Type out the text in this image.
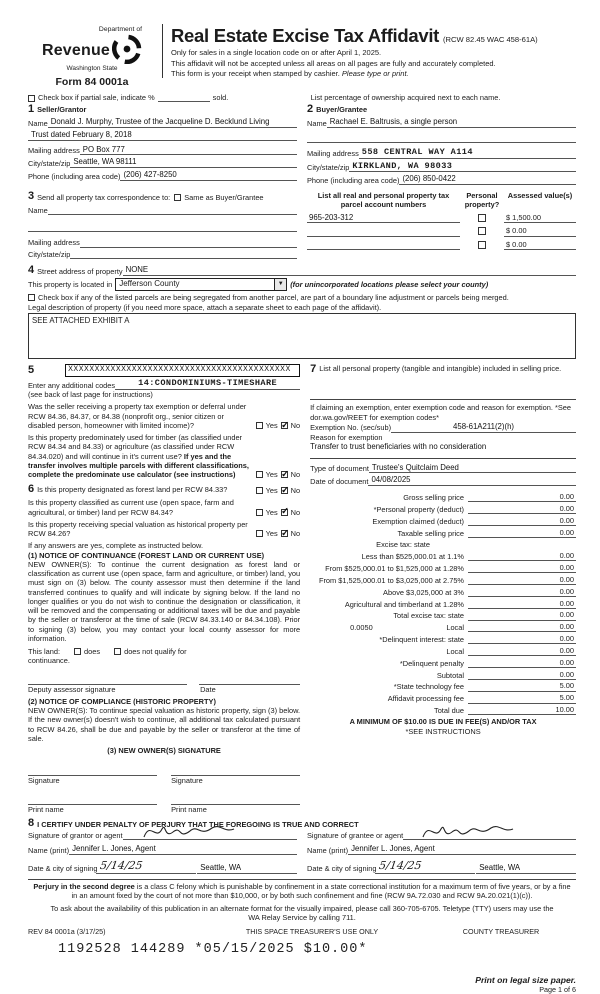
Department of
Revenue
Washington State
Form 84 0001a
Real Estate Excise Tax Affidavit (RCW 82.45 WAC 458-61A)
Only for sales in a single location code on or after April 1, 2025.
This affidavit will not be accepted unless all areas on all pages are fully and accurately completed.
This form is your receipt when stamped by cashier. Please type or print.
Check box if partial sale, indicate %	sold.	List percentage of ownership acquired next to each name.
1 Seller/Grantor
Name Donald J. Murphy, Trustee of the Jacqueline D. Becklund Living
Trust dated February 8, 2018
Mailing address PO Box 777
City/state/zip Seattle, WA 98111
Phone (including area code) (206) 427-8250
2 Buyer/Grantee
Name Rachael E. Baltrusis, a single person
Mailing address 558 CENTRAL WAY A114
City/state/zip KIRKLAND, WA 98033
Phone (including area code) (206) 850-0422
3 Send all property tax correspondence to: Same as Buyer/Grantee
Name
Mailing address
City/state/zip
List all real and personal property tax parcel account numbers
Personal property?
Assessed value(s)
965-203-312	$ 1,500.00
$ 0.00
$ 0.00
4 Street address of property NONE
This property is located in Jefferson County	▼ (for unincorporated locations please select your county)
Check box if any of the listed parcels are being segregated from another parcel, are part of a boundary line adjustment or parcels being merged.
Legal description of property (if you need more space, attach a separate sheet to each page of the affidavit).
SEE ATTACHED EXHIBIT A
5	XXXXXXXXXXXXXXXXXXXXXXXXXXXXXXXXXXXXXXXXXX
Enter any additional codes	14:CONDOMINIUMS-TIMESHARE
(see back of last page for instructions)
Was the seller receiving a property tax exemption or deferral under RCW 84.36, 84.37, or 84.38 (nonprofit org., senior citizen or disabled person, homeowner with limited income)?	Yes ✓ No
Is this property predominately used for timber (as classified under RCW 84.34 and 84.33) or agriculture (as classified under RCW 84.34.020) and will continue in it's current use? If yes and the transfer involves multiple parcels with different classifications, complete the predominate use calculator (see instructions)	Yes ✓ No
6 Is this property designated as forest land per RCW 84.33?	Yes ✓ No
Is this property classified as current use (open space, farm and agricultural, or timber) land per RCW 84.34?	Yes ✓ No
Is this property receiving special valuation as historical property per RCW 84.26?	Yes ✓ No
If any answers are yes, complete as instructed below.
(1) NOTICE OF CONTINUANCE (FOREST LAND OR CURRENT USE)
NEW OWNER(S): To continue the current designation as forest land or classification as current use (open space, farm and agriculture, or timber) land, you must sign on (3) below. The county assessor must then determine if the land transferred continues to qualify and will indicate by signing below. If the land no longer qualifies or you do not wish to continue the designation or classification, it will be removed and the compensating or additional taxes will be due and payable by the seller or transferor at the time of sale (RCW 84.33.140 or 84.34.108). Prior to signing (3) below, you may contact your local county assessor for more information.
This land:	does	does not qualify for
continuance.
Deputy assessor signature	Date
(2) NOTICE OF COMPLIANCE (HISTORIC PROPERTY)
NEW OWNER(S): To continue special valuation as historic property, sign (3) below. If the new owner(s) doesn't wish to continue, all additional tax calculated pursuant to RCW 84.26, shall be due and payable by the seller or transferor at the time of sale.
(3) NEW OWNER(S) SIGNATURE
Signature	Signature
Print name	Print name
7 List all personal property (tangible and intangible) included in selling price.
If claiming an exemption, enter exemption code and reason for exemption. *See dor.wa.gov/REET for exemption codes*
Exemption No. (sec/sub)	458-61A211(2)(h)
Reason for exemption
Transfer to trust beneficiaries with no consideration
Type of document Trustee's Quitclaim Deed
Date of document 04/08/2025
Gross selling price	0.00
*Personal property (deduct)	0.00
Exemption claimed (deduct)	0.00
Taxable selling price	0.00
Excise tax: state
Less than $525,000.01 at 1.1%	0.00
From $525,000.01 to $1,525,000 at 1.28%	0.00
From $1,525,000.01 to $3,025,000 at 2.75%	0.00
Above $3,025,000 at 3%	0.00
Agricultural and timberland at 1.28%	0.00
Total excise tax: state	0.00
0.0050	Local	0.00
*Delinquent interest: state	0.00
Local	0.00
*Delinquent penalty	0.00
Subtotal	0.00
*State technology fee	5.00
Affidavit processing fee	5.00
Total due	10.00
A MINIMUM OF $10.00 IS DUE IN FEE(S) AND/OR TAX
*SEE INSTRUCTIONS
8 I CERTIFY UNDER PENALTY OF PERJURY THAT THE FOREGOING IS TRUE AND CORRECT
Signature of grantor or agent
Name (print) Jennifer L. Jones, Agent
Date & city of signing 5/14/25	Seattle, WA
Signature of grantee or agent
Name (print) Jennifer L. Jones, Agent
Date & city of signing 5/14/25	Seattle, WA
Perjury in the second degree is a class C felony which is punishable by confinement in a state correctional institution for a maximum term of five years, or by a fine in an amount fixed by the court of not more than $10,000, or by both such confinement and fine (RCW 9A.72.030 and RCW 9A.20.021(1)(c)).
To ask about the availability of this publication in an alternate format for the visually impaired, please call 360-705-6705. Teletype (TTY) users may use the WA Relay Service by calling 711.
REV 84 0001a (3/17/25)	THIS SPACE TREASURER'S USE ONLY	COUNTY TREASURER
1192528 144289 *05/15/2025 $10.00*
Print on legal size paper.
Page 1 of 6
